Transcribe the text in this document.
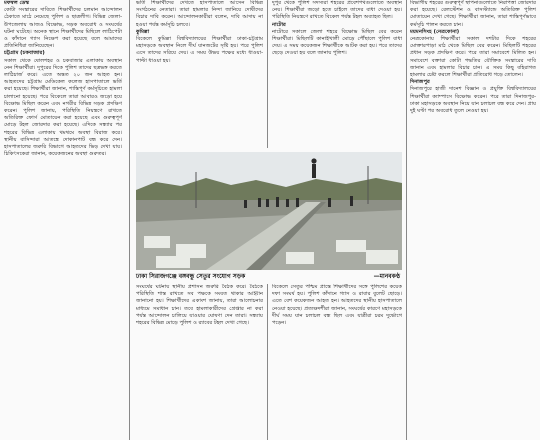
মফস্বল ডেস্ক

কোটা সংস্কারের দাবিতে শিক্ষার্থীদের চলমান আন্দোলন ঠেকাতে মাঠে নেমেছে পুলিশ ও ছাত্রলীগ। বিভিন্ন জেলা-উপজেলায় আজও বিক্ষোভ, সড়ক অবরোধ ও সংঘর্ষের ঘটনা ঘটেছে। অনেক স্থানে শিক্ষার্থীদের মিছিলে লাঠিপেটা ও কাঁদানে গ্যাস নিক্ষেপ করা হয়েছে বলে আমাদের প্রতিনিধিরা জানিয়েছেন।

চট্টগ্রাম (চকবাজার)

সকাল থেকে ষোলশহর ও চকবাজার এলাকায় অবস্থান নেন শিক্ষার্থীরা। দুপুরের দিকে পুলিশ তাদের ছত্রভঙ্গ করতে লাঠিচার্জ করে। এতে অন্তত ২০ জন আহত হন। আহতদের চট্টগ্রাম মেডিকেল কলেজ হাসপাতালে ভর্তি করা হয়েছে। শিক্ষার্থীরা জানান, শান্তিপূর্ণ কর্মসূচিতে হামলা চালানো হয়েছে। পরে বিকেলে তারা আবারও জড়ো হয়ে বিক্ষোভ মিছিল করেন এবং নগরীর বিভিন্ন সড়ক প্রদক্ষিণ করেন। পুলিশ জানায়, পরিস্থিতি নিয়ন্ত্রণে রাখতে অতিরিক্ত ফোর্স মোতায়েন করা হয়েছে এবং গুরুত্বপূর্ণ মোড়ে টহল জোরদার করা হয়েছে। এদিকে সন্ধ্যার পর শহরের বিভিন্ন এলাকায় থমথমে অবস্থা বিরাজ করে। স্থানীয় বাসিন্দারা আতঙ্কে দোকানপাট বন্ধ করে দেন। হাসপাতালের জরুরি বিভাগে আহতদের ভিড় দেখা যায়। চিকিৎসকেরা জানান, কয়েকজনের অবস্থা গুরুতর।

ভর্তি শিক্ষার্থীদের দেখতে হাসপাতালে আসেন বিভিন্ন সংগঠনের নেতারা। তারা হামলার নিন্দা জানিয়ে দোষীদের বিচার দাবি করেন। আন্দোলনকারীরা বলেন, দাবি আদায় না হওয়া পর্যন্ত কর্মসূচি চলবে।

কুমিল্লা

বিকেলে কুমিল্লা বিশ্ববিদ্যালয়ের শিক্ষার্থীরা ঢাকা-চট্টগ্রাম মহাসড়কে অবস্থান নিলে দীর্ঘ যানজটের সৃষ্টি হয়। পরে পুলিশ এসে তাদের সরিয়ে দেয়। এ সময় উভয় পক্ষের মধ্যে ধাওয়া-পাল্টা ধাওয়া হয়।

দুপুর থেকে পুলিশ সদস্যরা শহরের প্রবেশপথগুলোতে অবস্থান নেয়। শিক্ষার্থীরা জড়ো হতে চাইলে তাদের বাধা দেওয়া হয়। পরিস্থিতি নিয়ন্ত্রণে রাখতে বিকেল পর্যন্ত টহল অব্যাহত ছিল।

নাটোর

নাটোরে সকালে জেলা শহরে বিক্ষোভ মিছিল বের করেন শিক্ষার্থীরা। মিছিলটি কানাইখালী মোড়ে পৌঁছালে পুলিশ বাধা দেয়। এ সময় কয়েকজন শিক্ষার্থীকে আটক করা হয়। পরে তাদের ছেড়ে দেওয়া হয় বলে জানায় পুলিশ।

ঢাকা সিরাজগঞ্জে বঙ্গবন্ধু সেতুর সংযোগ সড়ক	—মানবকণ্ঠ

সংঘর্ষের ঘটনায় স্থানীয় প্রশাসন জরুরি বৈঠক করে। বৈঠকে পরিস্থিতি শান্ত রাখতে সব পক্ষকে সংযত থাকার আহ্বান জানানো হয়। শিক্ষার্থীদের একাংশ জানায়, তারা আলোচনার মাধ্যমে সমাধান চান। তবে হামলাকারীদের গ্রেপ্তার না করা পর্যন্ত আন্দোলন চালিয়ে যাওয়ার ঘোষণা দেন তারা। সন্ধ্যায় শহরের বিভিন্ন মোড়ে পুলিশ ও র‍্যাবের টহল দেখা গেছে।

বিকেলে সেতুর পশ্চিম প্রান্তে শিক্ষার্থীদের সঙ্গে পুলিশের কয়েক দফা সংঘর্ষ হয়। পুলিশ কাঁদানে গ্যাস ও রাবার বুলেট ছোড়ে। এতে বেশ কয়েকজন আহত হন। আহতদের স্থানীয় হাসপাতালে নেওয়া হয়েছে। প্রত্যক্ষদর্শীরা জানান, সংঘর্ষের কারণে মহাসড়কে দীর্ঘ সময় যান চলাচল বন্ধ ছিল এবং যাত্রীরা চরম দুর্ভোগে পড়েন।

বিভাগীয় শহরের গুরুত্বপূর্ণ স্থাপনাগুলোতে নিরাপত্তা জোরদার করা হয়েছে। রেলস্টেশন ও বাসস্ট্যান্ডে অতিরিক্ত পুলিশ মোতায়েন দেখা গেছে। শিক্ষার্থীরা জানান, তারা শান্তিপূর্ণভাবে কর্মসূচি পালন করতে চান।

ময়মনসিংহ (নেত্রকোনা)

নেত্রকোনায় শিক্ষার্থীরা সকাল দশটার দিকে শহরের মোক্তারপাড়া মাঠ থেকে মিছিল বের করেন। মিছিলটি শহরের প্রধান সড়ক প্রদক্ষিণ করে। পরে তারা সমাবেশে মিলিত হন। সমাবেশে বক্তারা কোটা পদ্ধতির যৌক্তিক সংস্কারের দাবি জানান এবং হামলার বিচার চান। এ সময় কিছু বহিরাগত হামলার চেষ্টা করলে শিক্ষার্থীরা প্রতিরোধ গড়ে তোলেন।

দিনাজপুর

দিনাজপুরে হাজী দানেশ বিজ্ঞান ও প্রযুক্তি বিশ্ববিদ্যালয়ের শিক্ষার্থীরা ক্যাম্পাসে বিক্ষোভ করেন। পরে তারা দিনাজপুর-ঢাকা মহাসড়কে অবস্থান নিয়ে যান চলাচল বন্ধ করে দেন। প্রায় দুই ঘণ্টা পর অবরোধ তুলে নেওয়া হয়।
